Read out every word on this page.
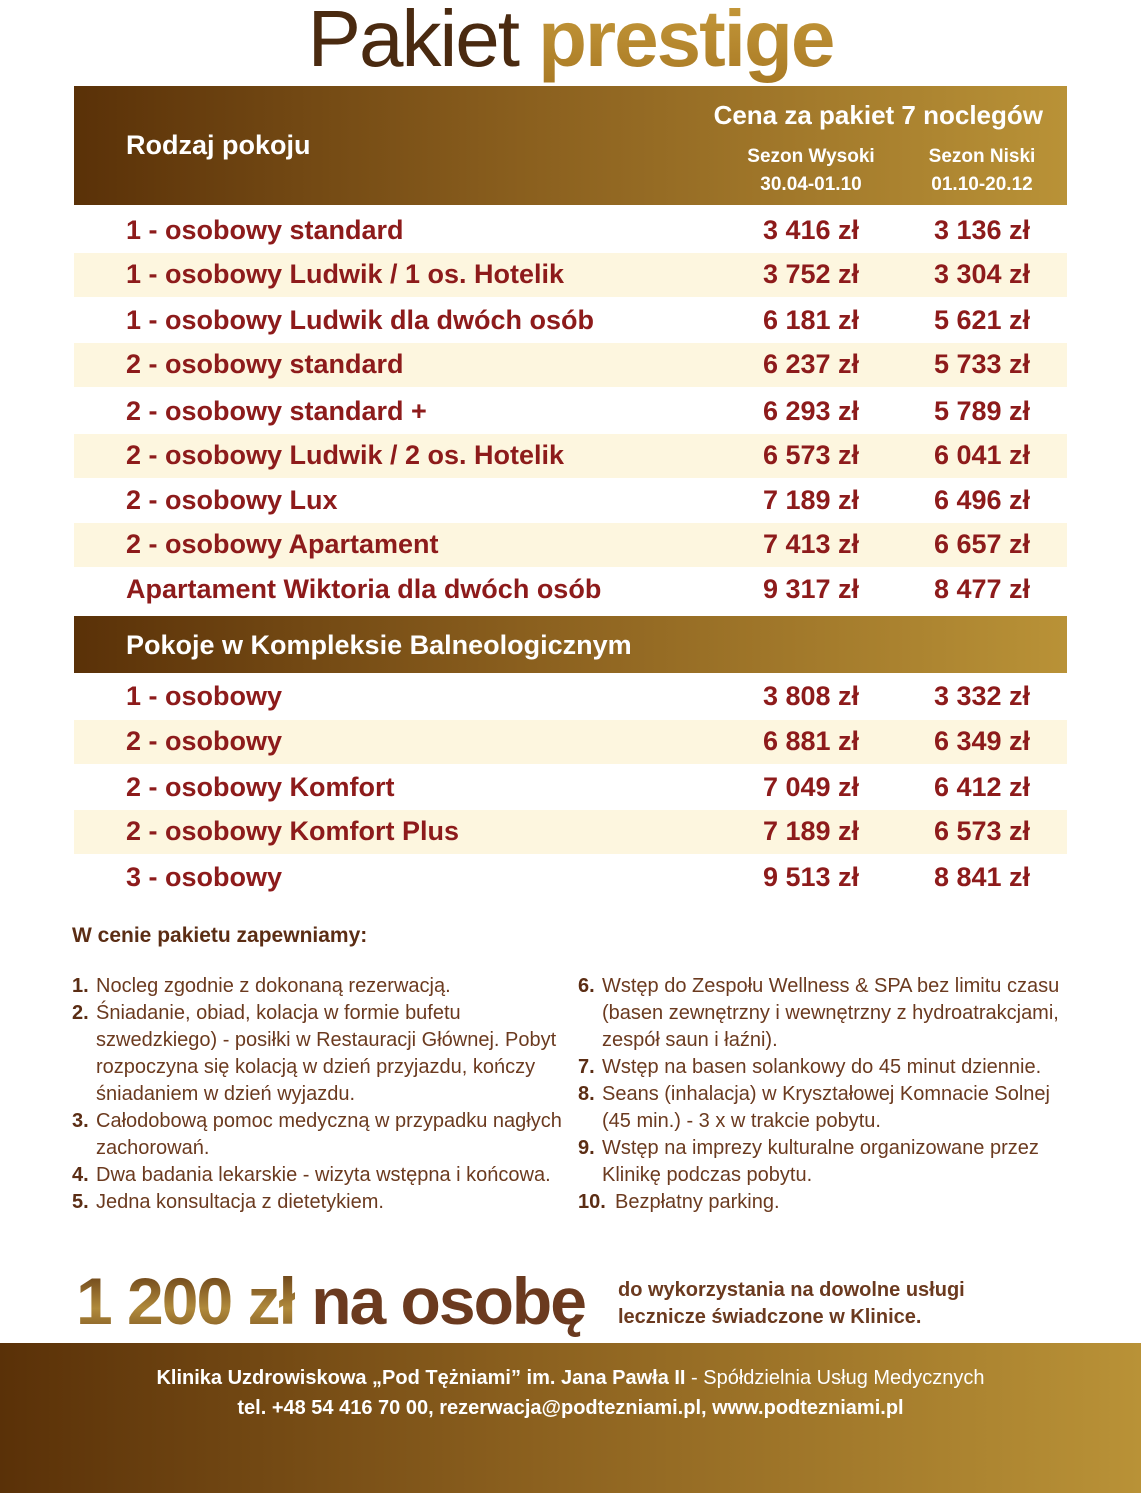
Pakiet prestige
Rodzaj pokoju
Cena za pakiet 7 noclegów
Sezon Wysoki
30.04-01.10
Sezon Niski
01.10-20.12
1 - osobowy standard	3 416 zł	3 136 zł
1 - osobowy Ludwik / 1 os. Hotelik	3 752 zł	3 304 zł
1 - osobowy Ludwik dla dwóch osób	6 181 zł	5 621 zł
2 - osobowy standard	6 237 zł	5 733 zł
2 - osobowy standard +	6 293 zł	5 789 zł
2 - osobowy Ludwik / 2 os. Hotelik	6 573 zł	6 041 zł
2 - osobowy Lux	7 189 zł	6 496 zł
2 - osobowy Apartament	7 413 zł	6 657 zł
Apartament Wiktoria dla dwóch osób	9 317 zł	8 477 zł
Pokoje w Kompleksie Balneologicznym
1 - osobowy	3 808 zł	3 332 zł
2 - osobowy	6 881 zł	6 349 zł
2 - osobowy Komfort	7 049 zł	6 412 zł
2 - osobowy Komfort Plus	7 189 zł	6 573 zł
3 - osobowy	9 513 zł	8 841 zł
W cenie pakietu zapewniamy:
1. Nocleg zgodnie z dokonaną rezerwacją.
2. Śniadanie, obiad, kolacja w formie bufetu szwedzkiego) - posiłki w Restauracji Głównej. Pobyt rozpoczyna się kolacją w dzień przyjazdu, kończy śniadaniem w dzień wyjazdu.
3. Całodobową pomoc medyczną w przypadku nagłych zachorowań.
4. Dwa badania lekarskie - wizyta wstępna i końcowa.
5. Jedna konsultacja z dietetykiem.
6. Wstęp do Zespołu Wellness & SPA bez limitu czasu (basen zewnętrzny i wewnętrzny z hydroatrakcjami, zespół saun i łaźni).
7. Wstęp na basen solankowy do 45 minut dziennie.
8. Seans (inhalacja) w Kryształowej Komnacie Solnej (45 min.) - 3 x w trakcie pobytu.
9. Wstęp na imprezy kulturalne organizowane przez Klinikę podczas pobytu.
10. Bezpłatny parking.
1 200 zł na osobę do wykorzystania na dowolne usługi
lecznicze świadczone w Klinice.
Klinika Uzdrowiskowa „Pod Tężniami” im. Jana Pawła II - Spółdzielnia Usług Medycznych
tel. +48 54 416 70 00, rezerwacja@podtezniami.pl, www.podtezniami.pl
